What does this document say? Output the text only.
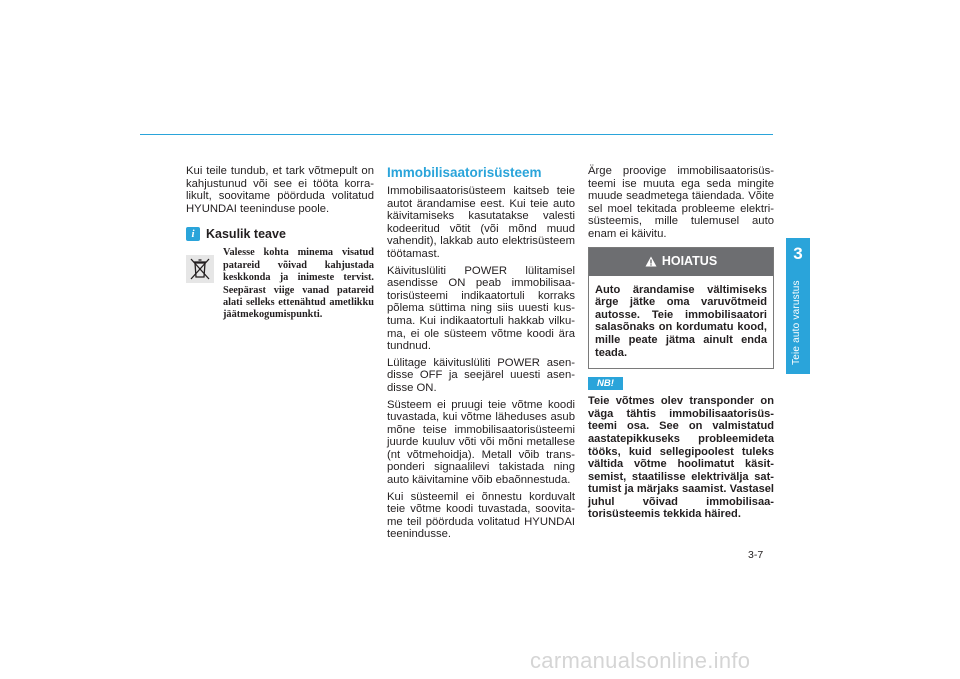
Kui teile tundub, et tark võtmepult on kahjustunud või see ei tööta korralikult, soovitame pöörduda volitatud HYUNDAI teeninduse poole.

i Kasulik teave
Valesse kohta minema visatud patareid võivad kahjustada keskkonda ja inimeste tervist. Seepärast viige vanad patareid alati selleks ettenähtud ametlikku jäätmekogumispunkti.
Immobilisaatorisüsteem

Immobilisaatorisüsteem kaitseb teie autot ärandamise eest. Kui teie auto käivitamiseks kasutatakse valesti kodeeritud võtit (või mõnd muud vahendit), lakkab auto elektrisüsteem töötamast.

Käivituslüliti POWER lülitamisel asendisse ON peab immobilisaatorisüsteemi indikaatortuli korraks põlema süttima ning siis uuesti kustuma. Kui indikaatortuli hakkab vilkuma, ei ole süsteem võtme koodi ära tundnud.

Lülitage käivituslüliti POWER asendisse OFF ja seejärel uuesti asendisse ON.

Süsteem ei pruugi teie võtme koodi tuvastada, kui võtme läheduses asub mõne teise immobilisaatorisüsteemi juurde kuuluv võti või mõni metallese (nt võtmehoidja). Metall võib transponderi signaalilevi takistada ning auto käivitamine võib ebaõnnestuda.

Kui süsteemil ei õnnestu korduvalt teie võtme koodi tuvastada, soovitame teil pöörduda volitatud HYUNDAI teenindusse.

Ärge proovige immobilisaatorisüsteemi ise muuta ega seda mingite muude seadmetega täiendada. Võite sel moel tekitada probleeme elektrisüsteemis, mille tulemusel auto enam ei käivitu.

HOIATUS
Auto ärandamise vältimiseks ärge jätke oma varuvõtmeid autosse. Teie immobilisaatori salasõnaks on kordumatu kood, mille peate jätma ainult enda teada.
NB!
Teie võtmes olev transponder on väga tähtis immobilisaatorisüsteemi osa. See on valmistatud aastatepikkuseks probleemideta tööks, kuid sellegipoolest tuleks vältida võtme hoolimatut käsitsemist, staatilisse elektrivälja sattumist ja märjaks saamist. Vastasel juhul võivad immobilisaatorisüsteemis tekkida häired.
3
Teie auto varustus
3-7
carmanualsonline.info
